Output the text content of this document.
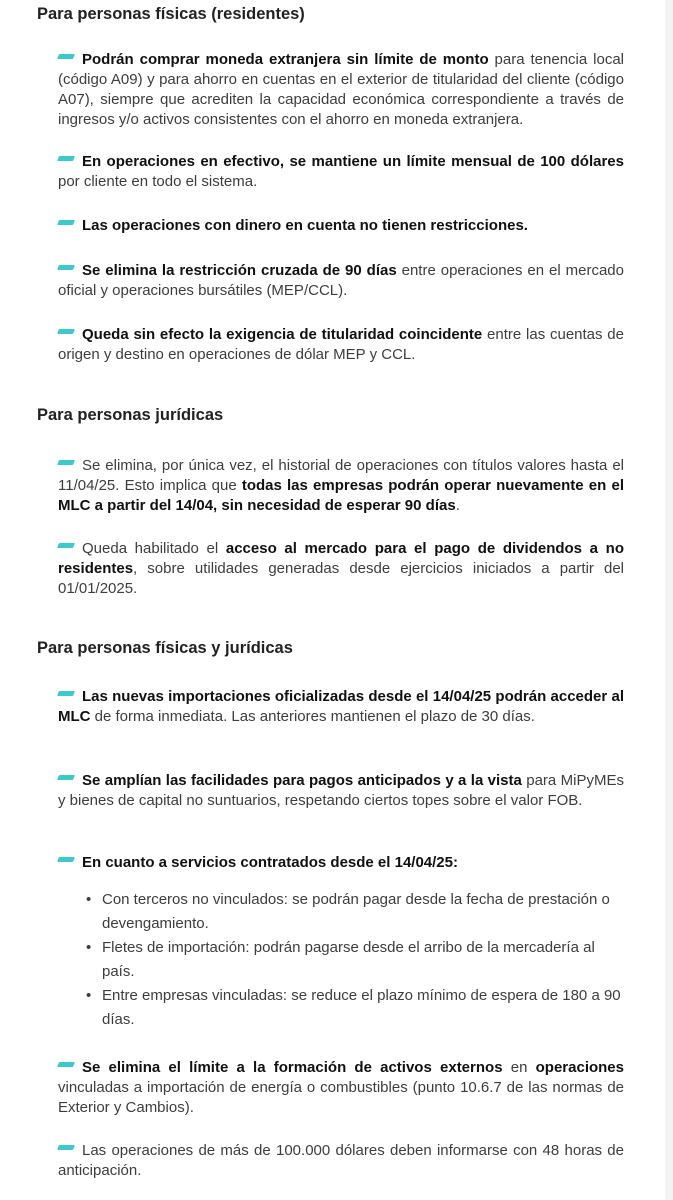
Para personas físicas (residentes)

Podrán comprar moneda extranjera sin límite de monto para tenencia local (código A09) y para ahorro en cuentas en el exterior de titularidad del cliente (código A07), siempre que acrediten la capacidad económica correspondiente a través de ingresos y/o activos consistentes con el ahorro en moneda extranjera.

En operaciones en efectivo, se mantiene un límite mensual de 100 dólares por cliente en todo el sistema.

Las operaciones con dinero en cuenta no tienen restricciones.

Se elimina la restricción cruzada de 90 días entre operaciones en el mercado oficial y operaciones bursátiles (MEP/CCL).

Queda sin efecto la exigencia de titularidad coincidente entre las cuentas de origen y destino en operaciones de dólar MEP y CCL.

Para personas jurídicas

Se elimina, por única vez, el historial de operaciones con títulos valores hasta el 11/04/25. Esto implica que todas las empresas podrán operar nuevamente en el MLC a partir del 14/04, sin necesidad de esperar 90 días.

Queda habilitado el acceso al mercado para el pago de dividendos a no residentes, sobre utilidades generadas desde ejercicios iniciados a partir del 01/01/2025.

Para personas físicas y jurídicas

Las nuevas importaciones oficializadas desde el 14/04/25 podrán acceder al MLC de forma inmediata. Las anteriores mantienen el plazo de 30 días.

Se amplían las facilidades para pagos anticipados y a la vista para MiPyMEs y bienes de capital no suntuarios, respetando ciertos topes sobre el valor FOB.

En cuanto a servicios contratados desde el 14/04/25:

• Con terceros no vinculados: se podrán pagar desde la fecha de prestación o devengamiento.
• Fletes de importación: podrán pagarse desde el arribo de la mercadería al país.
• Entre empresas vinculadas: se reduce el plazo mínimo de espera de 180 a 90 días.

Se elimina el límite a la formación de activos externos en operaciones vinculadas a importación de energía o combustibles (punto 10.6.7 de las normas de Exterior y Cambios).

Las operaciones de más de 100.000 dólares deben informarse con 48 horas de anticipación.
